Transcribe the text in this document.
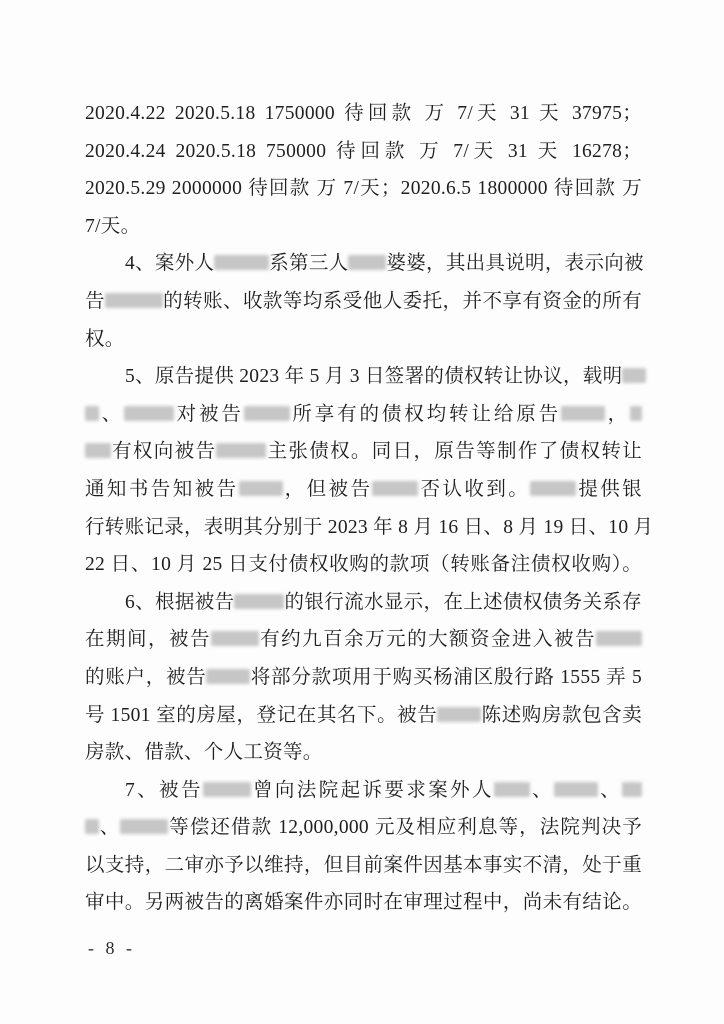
2020.4.22 2020.5.18 1750000 待回款 万 7/天 31 天 37975；
2020.4.24 2020.5.18 750000 待回款 万 7/天 31 天 16278；
2020.5.29 2000000 待回款 万 7/天；2020.6.5 1800000 待回款 万
7/天。
4、案外人	系第三人 婆婆，其出具说明，表示向被
告	的转账、收款等均系受他人委托，并不享有资金的所有
权。
5、原告提供 2023 年 5 月 3 日签署的债权转让协议，载明
、	对被告 所享有的债权均转让给原告 ，
有权向被告	主张债权。同日，原告等制作了债权转让
通知书告知被告 ，但被告 否认收到。 提供银
行转账记录，表明其分别于 2023 年 8 月 16 日、8 月 19 日、10 月
22 日、10 月 25 日支付债权收购的款项（转账备注债权收购）。
6、根据被告	的银行流水显示，在上述债权债务关系存
在期间，被告 有约九百余万元的大额资金进入被告
的账户，被告 将部分款项用于购买杨浦区殷行路 1555 弄 5
号 1501 室的房屋，登记在其名下。被告 陈述购房款包含卖
房款、借款、个人工资等。
7、被告 曾向法院起诉要求案外人 、 、
、 等偿还借款 12,000,000 元及相应利息等，法院判决予
以支持，二审亦予以维持，但目前案件因基本事实不清，处于重
审中。另两被告的离婚案件亦同时在审理过程中，尚未有结论。
- 8 -
